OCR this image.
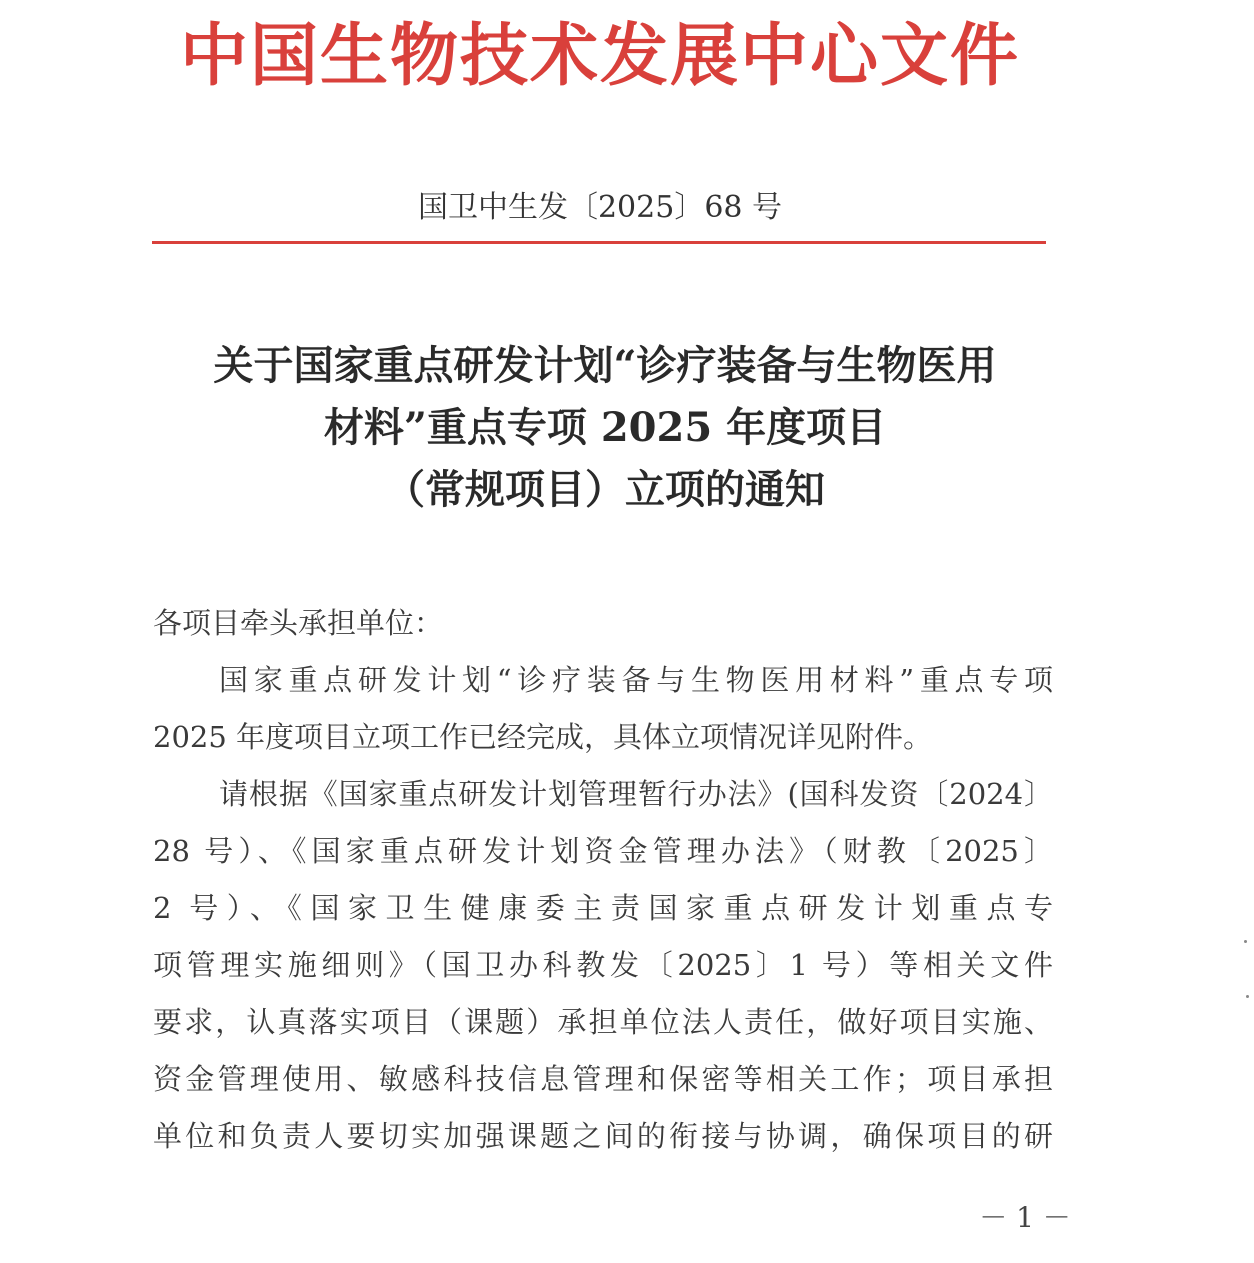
中国生物技术发展中心文件
国卫中生发〔2025〕68 号
关于国家重点研发计划“诊疗装备与生物医用
材料”重点专项 2025 年度项目
（常规项目）立项的通知
各项目牵头承担单位：
国家重点研发计划“诊疗装备与生物医用材料”重点专项
2025 年度项目立项工作已经完成，具体立项情况详见附件。
请根据《国家重点研发计划管理暂行办法》(国科发资〔2024〕
28 号）、《国家重点研发计划资金管理办法》（财教〔2025〕
2 号）、《国家卫生健康委主责国家重点研发计划重点专
项管理实施细则》（国卫办科教发〔2025〕1 号）等相关文件
要求，认真落实项目（课题）承担单位法人责任，做好项目实施、
资金管理使用、敏感科技信息管理和保密等相关工作；项目承担
单位和负责人要切实加强课题之间的衔接与协调，确保项目的研
－ 1 －
